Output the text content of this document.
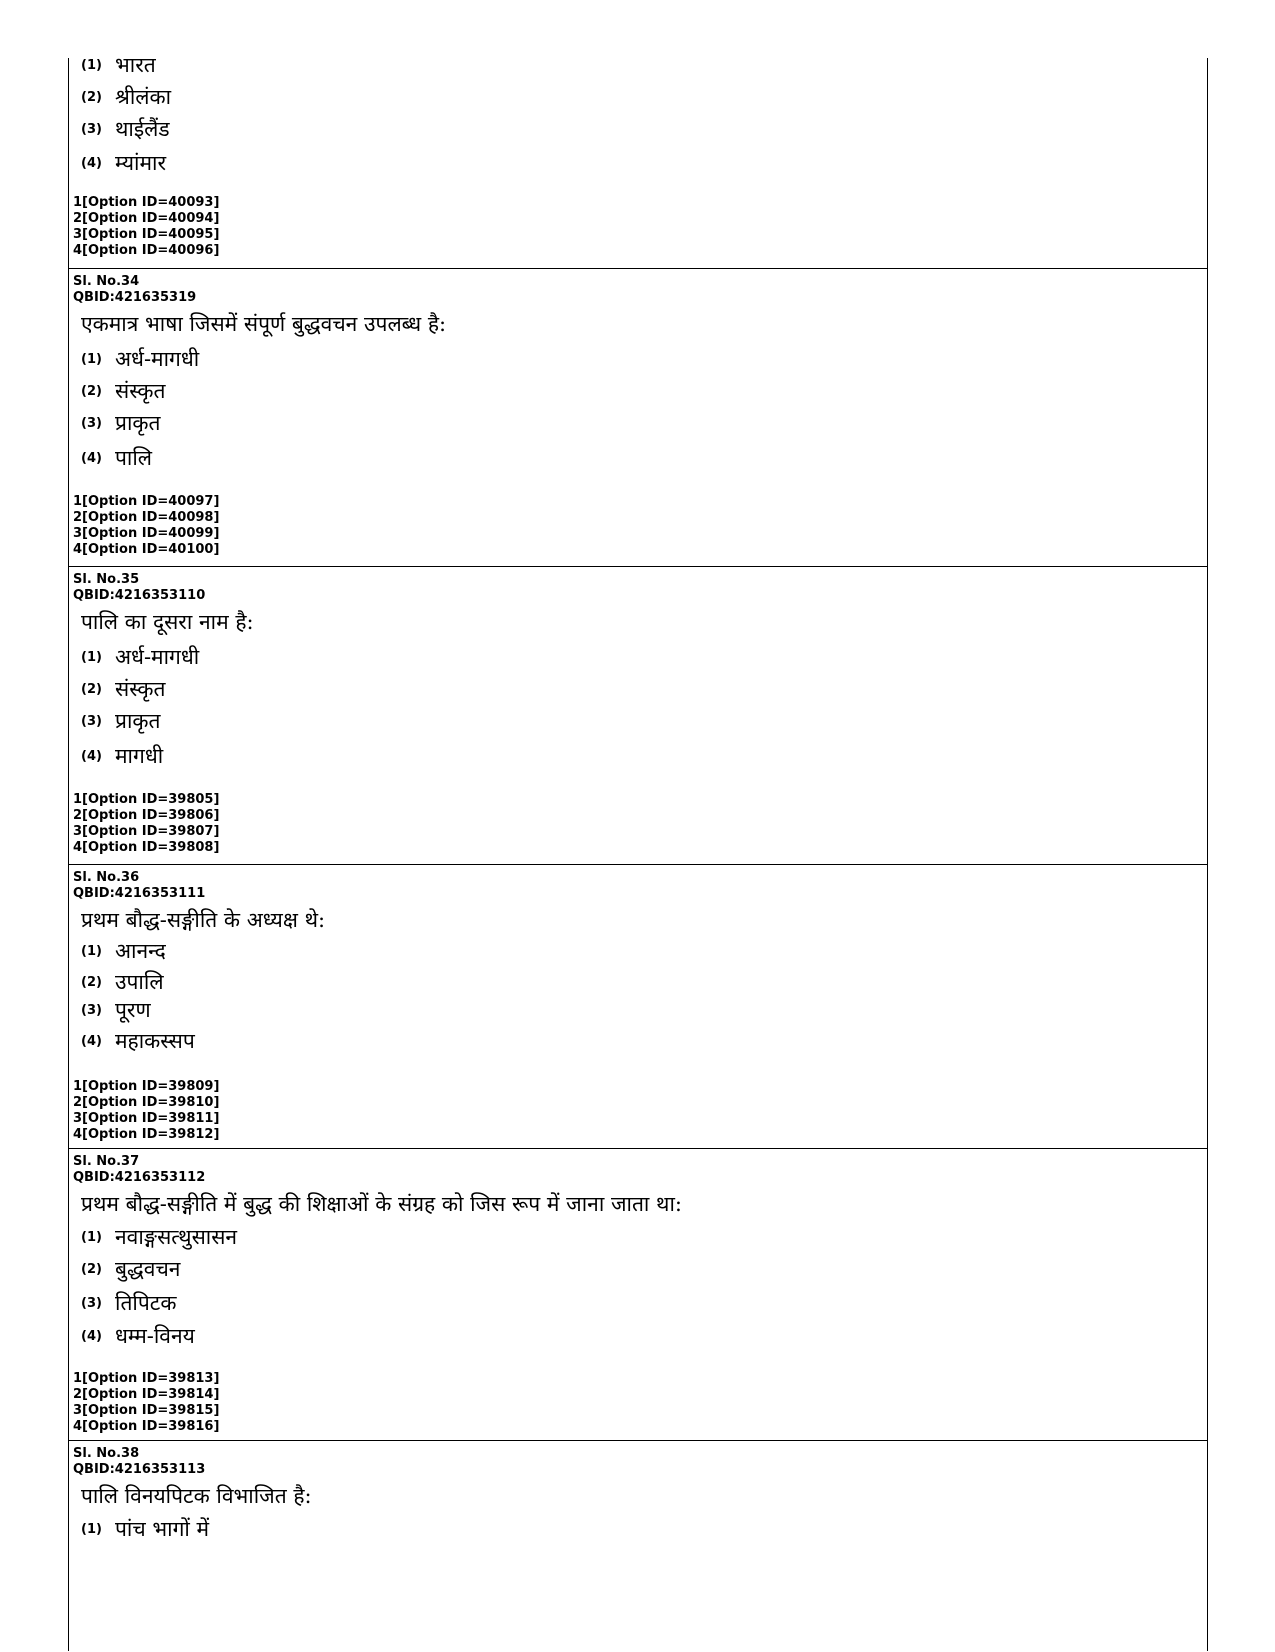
(1) भारत
(2) श्रीलंका
(3) थाईलैंड
(4) म्यांमार
1[Option ID=40093]
2[Option ID=40094]
3[Option ID=40095]
4[Option ID=40096]
Sl. No.34
QBID:421635319
एकमात्र भाषा जिसमें संपूर्ण बुद्धवचन उपलब्ध है:
(1) अर्ध-मागधी
(2) संस्कृत
(3) प्राकृत
(4) पालि
1[Option ID=40097]
2[Option ID=40098]
3[Option ID=40099]
4[Option ID=40100]
Sl. No.35
QBID:4216353110
पालि का दूसरा नाम है:
(1) अर्ध-मागधी
(2) संस्कृत
(3) प्राकृत
(4) मागधी
1[Option ID=39805]
2[Option ID=39806]
3[Option ID=39807]
4[Option ID=39808]
Sl. No.36
QBID:4216353111
प्रथम बौद्ध-सङ्गीति के अध्यक्ष थे:
(1) आनन्द
(2) उपालि
(3) पूरण
(4) महाकस्सप
1[Option ID=39809]
2[Option ID=39810]
3[Option ID=39811]
4[Option ID=39812]
Sl. No.37
QBID:4216353112
प्रथम बौद्ध-सङ्गीति में बुद्ध की शिक्षाओं के संग्रह को जिस रूप में जाना जाता था:
(1) नवाङ्गसत्थुसासन
(2) बुद्धवचन
(3) तिपिटक
(4) धम्म-विनय
1[Option ID=39813]
2[Option ID=39814]
3[Option ID=39815]
4[Option ID=39816]
Sl. No.38
QBID:4216353113
पालि विनयपिटक विभाजित है:
(1) पांच भागों में
